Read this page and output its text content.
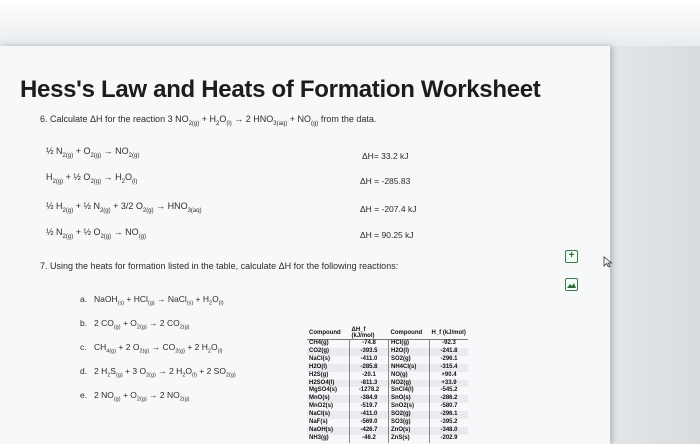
Hess's Law and Heats of Formation Worksheet
6. Calculate ΔH for the reaction 3 $NO_{2(g)} + H_2O_{(l)} \to 2$ $HNO_{3(aq)} + NO_{(g)}$ from the data.
½ $N_{2(g)} + O_{2(g)} \to NO_{2(g)}$	ΔH= 33.2 kJ
$H_{2(g)}$ + ½ $O_{2(g)} \to H_2O_{(l)}$	ΔH = -285.83
½ $H_{2(g)}$ + ½ $N_{2(g)} + 3/2$ $O_{2(g)} \to HNO_{3(aq)}$	ΔH = -207.4 kJ
½ $N_{2(g)}$ + ½ $O_{2(g)} \to NO_{(g)}$	ΔH = 90.25 kJ
7. Using the heats for formation listed in the table, calculate ΔH for the following reactions:
a. NaOH$_{(s)}$ + HCl$_{(g)}$ → NaCl$_{(s)}$ + $H_2O_{(l)}$
b. 2 $CO_{(g)} + O_{2(g)} \to 2$ $CO_{2(g)}$
c. $CH_{4(g)} + 2$ $O_{2(g)} \to CO_{2(g)} + 2$ $H_2O_{(l)}$
d. 2 $H_2S_{(g)} + 3$ $O_{2(g)} \to 2$ $H_2O_{(l)} + 2$ $SO_{2(g)}$
e. 2 $NO_{(g)} + O_{2(g)} \to 2$ $NO_{2(g)}$
Compound	ΔH_f (kJ/mol)	Compound	H_f (kJ/mol)
CH4(g)	-74.8	HCl(g)	-92.3
CO2(g)	-393.5	H2O(l)	-241.8
NaCl(s)	-411.0	SO2(g)	-296.1
H2O(l)	-285.8	NH4Cl(s)	-315.4
H2S(g)	-20.1	NO(g)	+90.4
H2SO4(l)	-811.3	NO2(g)	+33.9
MgSO4(s)	-1278.2	SnCl4(l)	-545.2
MnO(s)	-384.9	SnO(s)	-286.2
MnO2(s)	-519.7	SnO2(s)	-580.7
NaCl(s)	-411.0	SO2(g)	-296.1
NaF(s)	-569.0	SO3(g)	-395.2
NaOH(s)	-426.7	ZnO(s)	-348.0
NH3(g)	-46.2	ZnS(s)	-202.9
+
